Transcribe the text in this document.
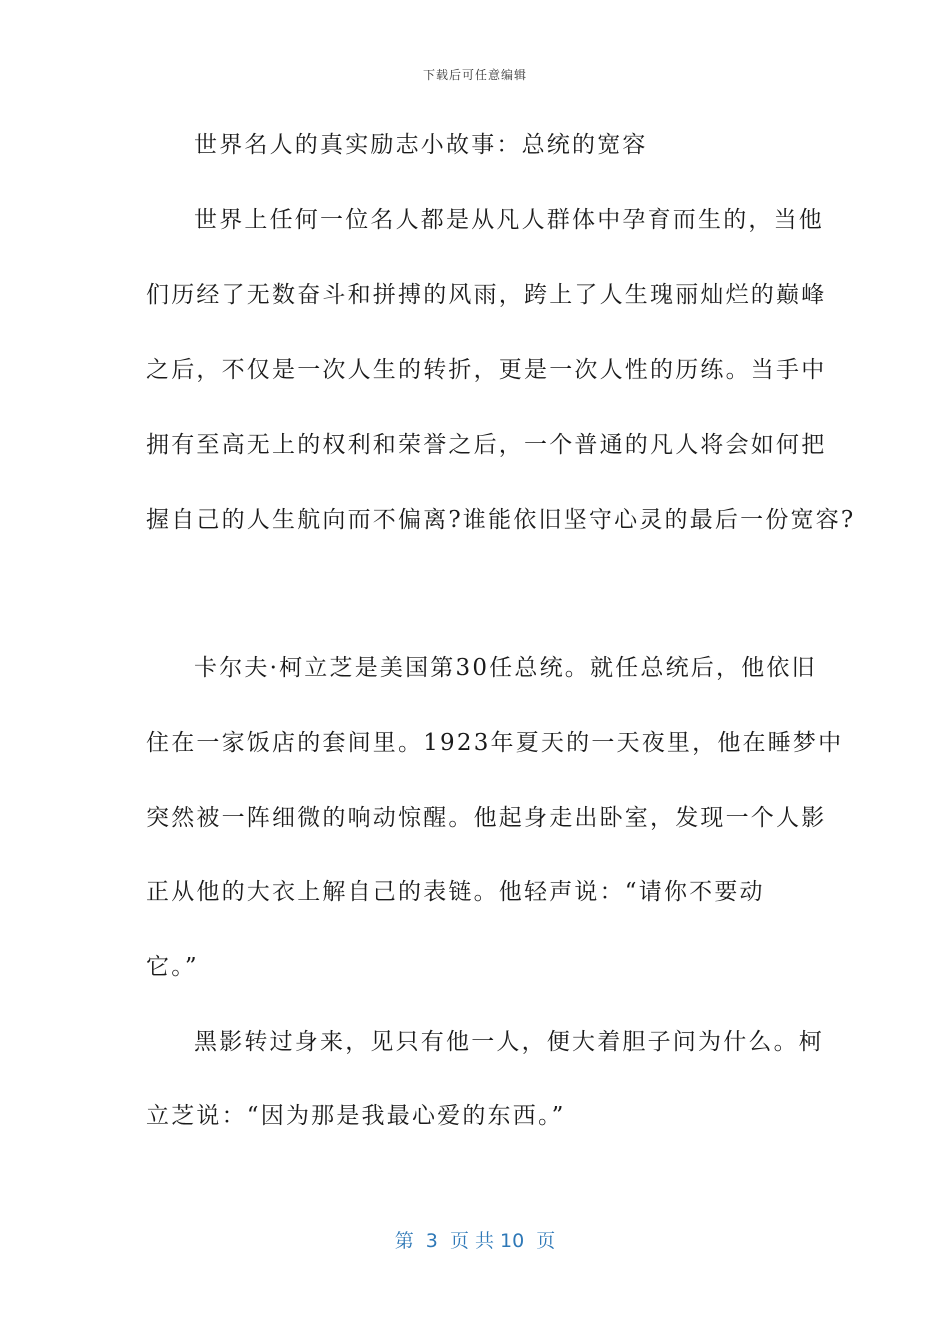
下载后可任意编辑
世界名人的真实励志小故事：总统的宽容
世界上任何一位名人都是从凡人群体中孕育而生的，当他
们历经了无数奋斗和拼搏的风雨，跨上了人生瑰丽灿烂的巅峰
之后，不仅是一次人生的转折，更是一次人性的历练。当手中
拥有至高无上的权利和荣誉之后，一个普通的凡人将会如何把
握自己的人生航向而不偏离?谁能依旧坚守心灵的最后一份宽容?
卡尔夫·柯立芝是美国第30任总统。就任总统后，他依旧
住在一家饭店的套间里。1923年夏天的一天夜里，他在睡梦中
突然被一阵细微的响动惊醒。他起身走出卧室，发现一个人影
正从他的大衣上解自己的表链。他轻声说：“请你不要动
它。”
黑影转过身来，见只有他一人，便大着胆子问为什么。柯
立芝说：“因为那是我最心爱的东西。”
第  3  页 共 10  页
